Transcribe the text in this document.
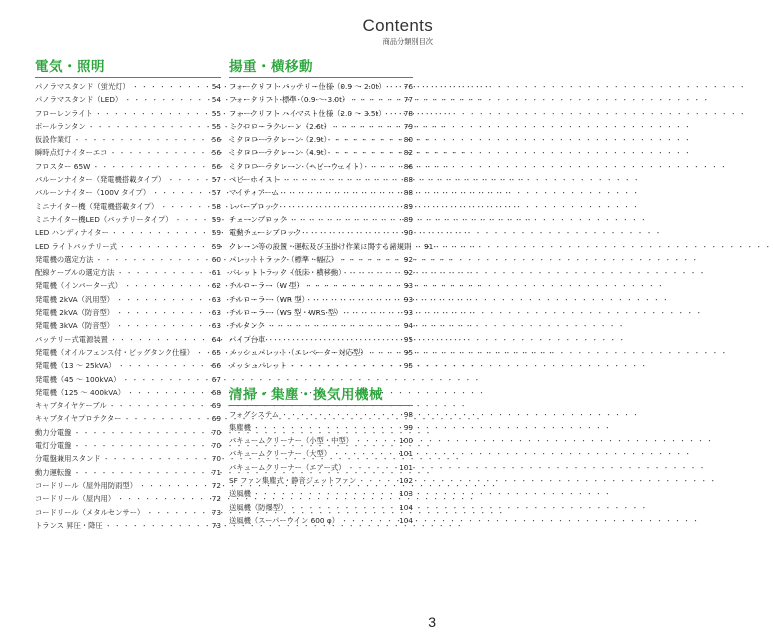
Contents
商品分類別目次
電気・照明
パノラマスタンド（蛍光灯） ・・・・・・・・・・・・・・・・・・・・・・・・・・・・・・・・・・・・・・・・	54
パノラマスタンド（LED） ・・・・・・・・・・・・・・・・・・・・・・・・・・・・・・・・・・・・・・・・	54
フローレンライト ・・・・・・・・・・・・・・・・・・・・・・・・・・・・・・・・・・・・・・・・	55
ボールランタン ・・・・・・・・・・・・・・・・・・・・・・・・・・・・・・・・・・・・・・・・	55
仮設作業灯 ・・・・・・・・・・・・・・・・・・・・・・・・・・・・・・・・・・・・・・・・	56
瞬時点灯ナイターエコ ・・・・・・・・・・・・・・・・・・・・・・・・・・・・・・・・・・・・・・・・	56
フロスター 65W ・・・・・・・・・・・・・・・・・・・・・・・・・・・・・・・・・・・・・・・・	56
バルーンナイター（発電機搭載タイプ） ・・・・・・・・・・・・・・・・・・・・・・・・・・・・・・・・・・・・・・・・	57
バルーンナイター（100V タイプ） ・・・・・・・・・・・・・・・・・・・・・・・・・・・・・・・・・・・・・・・・	57
ミニナイター機（発電機搭載タイプ） ・・・・・・・・・・・・・・・・・・・・・・・・・・・・・・・・・・・・・・・・	58
ミニナイター機LED（バッテリータイプ） ・・・・・・・・・・・・・・・・・・・・・・・・・・・・・・・・・・・・・・・・	59
LED ハンディナイター ・・・・・・・・・・・・・・・・・・・・・・・・・・・・・・・・・・・・・・・・	59
LED ライトバッテリー式 ・・・・・・・・・・・・・・・・・・・・・・・・・・・・・・・・・・・・・・・・	59
発電機の選定方法 ・・・・・・・・・・・・・・・・・・・・・・・・・・・・・・・・・・・・・・・・	60
配線ケーブルの選定方法 ・・・・・・・・・・・・・・・・・・・・・・・・・・・・・・・・・・・・・・・・	61
発電機（インバーター式） ・・・・・・・・・・・・・・・・・・・・・・・・・・・・・・・・・・・・・・・・	62
発電機 2kVA（汎用型） ・・・・・・・・・・・・・・・・・・・・・・・・・・・・・・・・・・・・・・・・	63
発電機 2kVA（防音型） ・・・・・・・・・・・・・・・・・・・・・・・・・・・・・・・・・・・・・・・・	63
発電機 3kVA（防音型） ・・・・・・・・・・・・・・・・・・・・・・・・・・・・・・・・・・・・・・・・	63
バッテリー式電源装置 ・・・・・・・・・・・・・・・・・・・・・・・・・・・・・・・・・・・・・・・・	64
発電機（オイルフェンス付・ビッグタンク仕様） ・・・・・・・・・・・・・・・・・・・・・・・・・・・・・・・・・・・・・・・・	65
発電機（13 ～ 25kVA） ・・・・・・・・・・・・・・・・・・・・・・・・・・・・・・・・・・・・・・・・	66
発電機（45 ～ 100kVA） ・・・・・・・・・・・・・・・・・・・・・・・・・・・・・・・・・・・・・・・・	67
発電機（125 ～ 400kVA） ・・・・・・・・・・・・・・・・・・・・・・・・・・・・・・・・・・・・・・・・	68
キャブタイヤケーブル ・・・・・・・・・・・・・・・・・・・・・・・・・・・・・・・・・・・・・・・・	69
キャブタイヤプロテクター ・・・・・・・・・・・・・・・・・・・・・・・・・・・・・・・・・・・・・・・・	69
動力分電盤 ・・・・・・・・・・・・・・・・・・・・・・・・・・・・・・・・・・・・・・・・	70
電灯分電盤 ・・・・・・・・・・・・・・・・・・・・・・・・・・・・・・・・・・・・・・・・	70
分電盤兼用スタンド ・・・・・・・・・・・・・・・・・・・・・・・・・・・・・・・・・・・・・・・・	70
動力運転盤 ・・・・・・・・・・・・・・・・・・・・・・・・・・・・・・・・・・・・・・・・	71
コードリール（屋外用防雨型） ・・・・・・・・・・・・・・・・・・・・・・・・・・・・・・・・・・・・・・・・	72
コードリール（屋内用） ・・・・・・・・・・・・・・・・・・・・・・・・・・・・・・・・・・・・・・・・	72
コードリール（メタルセンサー） ・・・・・・・・・・・・・・・・・・・・・・・・・・・・・・・・・・・・・・・・	73
トランス 昇圧・降圧 ・・・・・・・・・・・・・・・・・・・・・・・・・・・・・・・・・・・・・・・・	73
揚重・横移動
フォークリフト バッテリー仕様（0.9 ～ 2.0t） ・・・・・・・・・・・・・・・・・・・・・・・・・・・・・・・・・・・・・・・・	76
フォークリフト 標準（0.9 ～ 3.0t） ・・・・・・・・・・・・・・・・・・・・・・・・・・・・・・・・・・・・・・・・	77
フォークリフト ハイマスト仕様（2.0 ～ 3.5t） ・・・・・・・・・・・・・・・・・・・・・・・・・・・・・・・・・・・・・・・・	78
ミクロローラクレーン（2.6t） ・・・・・・・・・・・・・・・・・・・・・・・・・・・・・・・・・・・・・・・・	79
ミクロローラクレーン（2.9t） ・・・・・・・・・・・・・・・・・・・・・・・・・・・・・・・・・・・・・・・・	80
ミクロローラクレーン（4.9t） ・・・・・・・・・・・・・・・・・・・・・・・・・・・・・・・・・・・・・・・・	82
ミクロローラクレーン（ヘビーウェイト） ・・・・・・・・・・・・・・・・・・・・・・・・・・・・・・・・・・・・・・・・	86
ベビーホイスト ・・・・・・・・・・・・・・・・・・・・・・・・・・・・・・・・・・・・・・・・	88
マイティアーム ・・・・・・・・・・・・・・・・・・・・・・・・・・・・・・・・・・・・・・・・	88
レバーブロック ・・・・・・・・・・・・・・・・・・・・・・・・・・・・・・・・・・・・・・・・	89
チェーンブロック ・・・・・・・・・・・・・・・・・・・・・・・・・・・・・・・・・・・・・・・・	89
電動チェーンブロック ・・・・・・・・・・・・・・・・・・・・・・・・・・・・・・・・・・・・・・・・	90
クレーン等の設置・運転及び玉掛け作業に関する諸規則 ・・・・・・・・・・・・・・・・・・・・・・・・・・・・・・・・・・・・・・・・	91
パレットトラック（標準・幅広） ・・・・・・・・・・・・・・・・・・・・・・・・・・・・・・・・・・・・・・・・	92
パレットトラック（低床・横移動） ・・・・・・・・・・・・・・・・・・・・・・・・・・・・・・・・・・・・・・・・	92
チルローラー（W 型） ・・・・・・・・・・・・・・・・・・・・・・・・・・・・・・・・・・・・・・・・	93
チルローラー（WR 型） ・・・・・・・・・・・・・・・・・・・・・・・・・・・・・・・・・・・・・・・・	93
チルローラー（WS 型・WRS 型） ・・・・・・・・・・・・・・・・・・・・・・・・・・・・・・・・・・・・・・・・	93
チルタンク ・・・・・・・・・・・・・・・・・・・・・・・・・・・・・・・・・・・・・・・・	94
パイプ台車 ・・・・・・・・・・・・・・・・・・・・・・・・・・・・・・・・・・・・・・・・	95
メッシュパレット（エレベーター対応型） ・・・・・・・・・・・・・・・・・・・・・・・・・・・・・・・・・・・・・・・・	95
メッシュパレット ・・・・・・・・・・・・・・・・・・・・・・・・・・・・・・・・・・・・・・・・	95
清掃・集塵・換気用機械
フォグシステム ・・・・・・・・・・・・・・・・・・・・・・・・・・・・・・・・・・・・・・・・	98
集塵機 ・・・・・・・・・・・・・・・・・・・・・・・・・・・・・・・・・・・・・・・・	99
バキュームクリーナー（小型・中型） ・・・・・・・・・・・・・・・・・・・・・・・・・・・・・・・・・・・・・・・・	100
バキュームクリーナー（大型） ・・・・・・・・・・・・・・・・・・・・・・・・・・・・・・・・・・・・・・・・	101
バキュームクリーナー（エアー式） ・・・・・・・・・・・・・・・・・・・・・・・・・・・・・・・・・・・・・・・・	101
SF ファン集塵式・静音ジェットファン ・・・・・・・・・・・・・・・・・・・・・・・・・・・・・・・・・・・・・・・・	102
送風機 ・・・・・・・・・・・・・・・・・・・・・・・・・・・・・・・・・・・・・・・・	103
送風機（防爆型） ・・・・・・・・・・・・・・・・・・・・・・・・・・・・・・・・・・・・・・・・	104
送風機（スーパーウイン 600 φ） ・・・・・・・・・・・・・・・・・・・・・・・・・・・・・・・・・・・・・・・・	104
3
